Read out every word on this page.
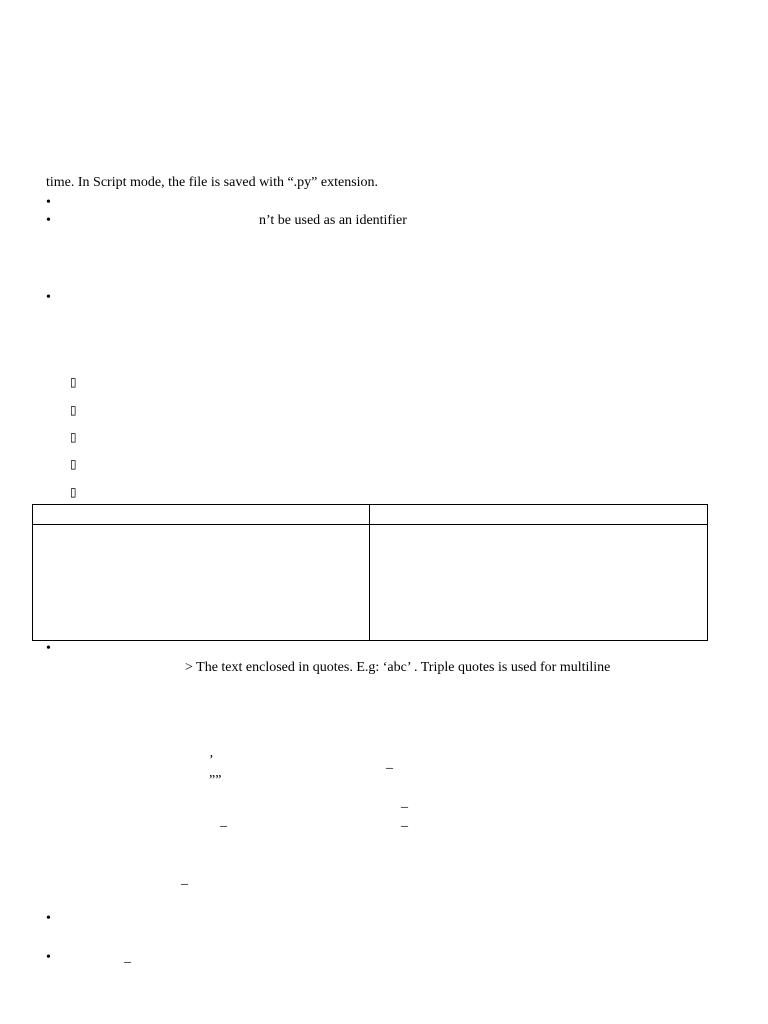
time. In Script mode, the file is saved with “.py” extension.
•
•	n’t be used as an identifier
•
▯
▯
▯
▯
▯

•
> The text enclosed in quotes. E.g: ‘abc’ . Triple quotes is used for multiline
’	_
””
_
_	_
_
•
•	_
